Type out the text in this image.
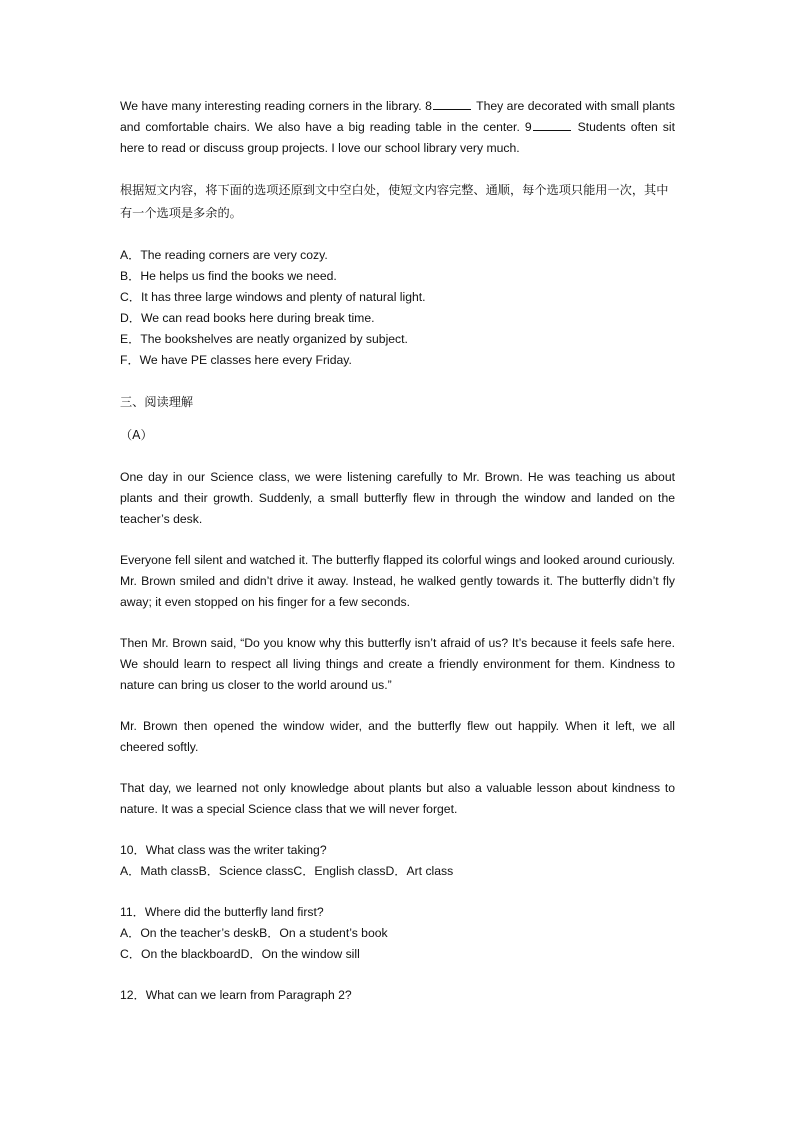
We have many interesting reading corners in the library. 8	They are decorated with small plants and comfortable chairs. We also have a big reading table in the center. 9	Students often sit here to read or discuss group projects. I love our school library very much.

根据短文内容，将下面的选项还原到文中空白处，使短文内容完整、通顺，每个选项只能用一次，其中有一个选项是多余的。

A．The reading corners are very cozy.

B．He helps us find the books we need.

C．It has three large windows and plenty of natural light.

D．We can read books here during break time.

E．The bookshelves are neatly organized by subject.

F．We have PE classes here every Friday.

三、阅读理解

（A）

One day in our Science class, we were listening carefully to Mr. Brown. He was teaching us about plants and their growth. Suddenly, a small butterfly flew in through the window and landed on the teacher’s desk.

Everyone fell silent and watched it. The butterfly flapped its colorful wings and looked around curiously. Mr. Brown smiled and didn’t drive it away. Instead, he walked gently towards it. The butterfly didn’t fly away; it even stopped on his finger for a few seconds.

Then Mr. Brown said, “Do you know why this butterfly isn’t afraid of us? It’s because it feels safe here. We should learn to respect all living things and create a friendly environment for them. Kindness to nature can bring us closer to the world around us.”

Mr. Brown then opened the window wider, and the butterfly flew out happily. When it left, we all cheered softly.

That day, we learned not only knowledge about plants but also a valuable lesson about kindness to nature. It was a special Science class that we will never forget.

10．What class was the writer taking?

A．Math classB．Science classC．English classD．Art class

11．Where did the butterfly land first?

A．On the teacher’s deskB．On a student’s book

C．On the blackboardD．On the window sill

12．What can we learn from Paragraph 2?
